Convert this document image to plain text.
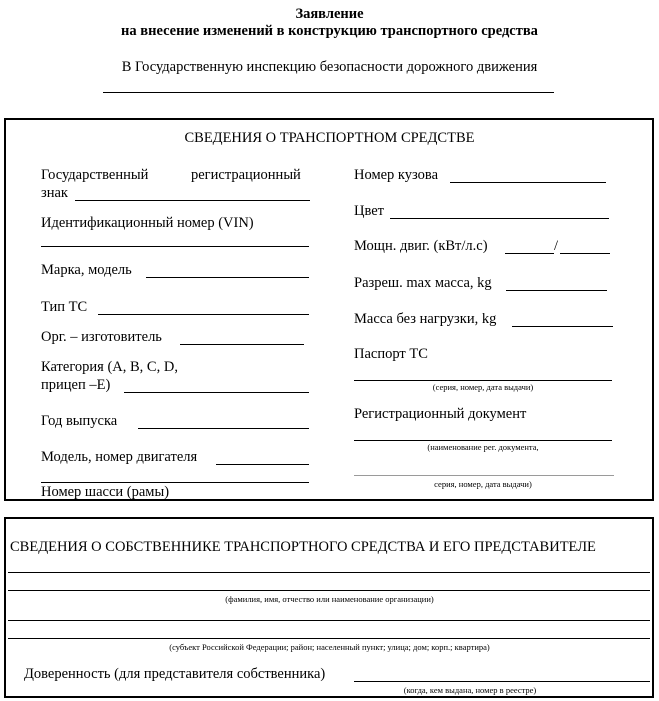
Заявление
на внесение изменений в конструкцию транспортного средства
В Государственную инспекцию безопасности дорожного движения
СВЕДЕНИЯ О ТРАНСПОРТНОМ СРЕДСТВЕ
Государственный	регистрационный
знак
Идентификационный номер (VIN)
Марка, модель
Тип ТС
Орг. – изготовитель
Категория (A, B, C, D,
прицеп –E)
Год выпуска
Модель, номер двигателя
Номер шасси (рамы)
Номер кузова
Цвет
Мощн. двиг. (кВт/л.с)	/
Разреш. max масса, kg
Масса без нагрузки, kg
Паспорт ТС
(серия, номер, дата выдачи)
Регистрационный документ
(наименование рег. документа,
серия, номер, дата выдачи)
СВЕДЕНИЯ О СОБСТВЕННИКЕ ТРАНСПОРТНОГО СРЕДСТВА И ЕГО ПРЕДСТАВИТЕЛЕ
(фамилия, имя, отчество или наименование организации)
(субъект Российской Федерации; район; населенный пункт; улица; дом; корп.; квартира)
Доверенность (для представителя собственника)
(когда, кем выдана, номер в реестре)
